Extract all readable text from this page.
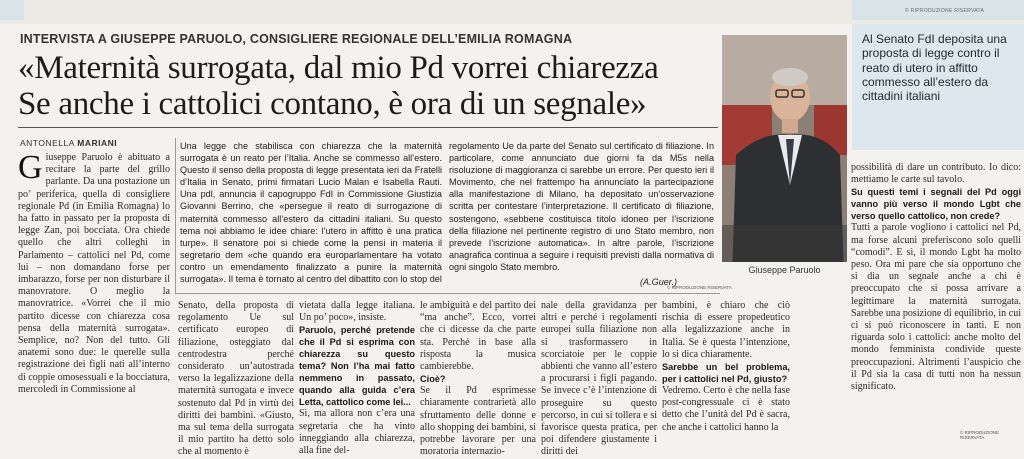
© RIPRODUZIONE RISERVATA
INTERVISTA A GIUSEPPE PARUOLO, CONSIGLIERE REGIONALE DELL’EMILIA ROMAGNA
«Maternità surrogata, dal mio Pd vorrei chiarezza
Se anche i cattolici contano, è ora di un segnale»
ANTONELLA MARIANI
Giuseppe Paruolo
Al Senato FdI deposita una proposta di legge contro il reato di utero in affitto commesso all’estero da cittadini italiani

Una legge che stabilisca con chiarezza che la maternità surrogata è un reato per l’Italia. Anche se commesso all’estero. Questo il senso della proposta di legge presentata ieri da Fratelli d’Italia in Senato, primi firmatari Lucio Malan e Isabella Rauti. Una pdl, annuncia il capogruppo FdI in Commissione Giustizia Giovanni Berrino, che «persegue il reato di surrogazione di maternità commesso all’estero da cittadini italiani. Su questo tema noi abbiamo le idee chiare: l’utero in affitto è una pratica turpe». Il senatore poi si chiede come la pensi in materia il segretario dem «che quando era europarlamentare ha votato contro un emendamento finalizzato a punire la maternità surrogata». Il tema è tornato al centro del dibattito con lo stop del

regolamento Ue da parte del Senato sul certificato di filiazione. In particolare, come annunciato due giorni fa da M5s nella risoluzione di maggioranza ci sarebbe un errore. Per questo ieri il Movimento, che nel frattempo ha annunciato la partecipazione alla manifestazione di Milano, ha depositato un’osservazione scritta per contestare l’interpretazione. Il certificato di filiazione, sostengono, «sebbene costituisca titolo idoneo per l’iscrizione della filiazione nel pertinente registro di uno Stato membro, non prevede l’iscrizione automatica». In altre parole, l’iscrizione anagrafica continua a seguire i requisiti previsti dalla normativa di ogni singolo Stato membro.

(A.Guer.)
© RIPRODUZIONE RISERVATA
Giuseppe Paruolo è abituato a recitare la parte del grillo parlante. Da una postazione un po’ periferica, quella di consigliere regionale Pd (in Emilia Romagna) lo ha fatto in passato per la proposta di legge Zan, poi bocciata. Ora chiede quello che altri colleghi in Parlamento – cattolici nel Pd, come lui – non domandano forse per imbarazzo, forse per non disturbare il manovratore. O meglio la manovratrice. «Vorrei che il mio partito dicesse con chiarezza cosa pensa della maternità surrogata». Semplice, no? Non del tutto. Gli anatemi sono due: le querelle sulla registrazione dei figli nati all’interno di coppie omosessuali e la bocciatura, mercoledì in Commissione al

Senato, della proposta di regolamento Ue sul certificato europeo di filiazione, osteggiato dal centrodestra perché considerato un’autostrada verso la legalizzazione della maternità surrogata e invece sostenuto dal Pd in virtù dei diritti dei bambini. «Giusto, ma sul tema della surrogata il mio partito ha detto solo che al momento è

vietata dalla legge italiana. Un po’ poco», insiste.

Paruolo, perché pretende che il Pd si esprima con chiarezza su questo tema? Non l’ha mai fatto nemmeno in passato, quando alla guida c’era Letta, cattolico come lei...

Sì, ma allora non c’era una segretaria che ha vinto inneggiando alla chiarezza, alla fine del-

le ambiguità e del partito dei “ma anche”. Ecco, vorrei che ci dicesse da che parte sta. Perché in base alla risposta la musica cambierebbe.

Cioè?

Se il Pd esprimesse chiaramente contrarietà allo sfruttamento delle donne e allo shopping dei bambini, si potrebbe lavorare per una moratoria internazio-

nale della gravidanza per altri e perché i regolamenti europei sulla filiazione non si trasformassero in scorciatoie per le coppie abbienti che vanno all’estero a procurarsi i figli pagando. Se invece c’è l’intenzione di proseguire su questo percorso, in cui si tollera e si favorisce questa pratica, per poi difendere giustamente i diritti dei

bambini, è chiaro che ciò rischia di essere propedeutico alla legalizzazione anche in Italia. Se è questa l’intenzione, lo si dica chiaramente.

Sarebbe un bel problema, per i cattolici nel Pd, giusto?

Vedremo. Certo è che nella fase post-congressuale ci è stato detto che l’unità del Pd è sacra, che anche i cattolici hanno la

possibilità di dare un contributo. Io dico: mettiamo le carte sul tavolo.

Su questi temi i segnali del Pd oggi vanno più verso il mondo Lgbt che verso quello cattolico, non crede?

Tutti a parole vogliono i cattolici nel Pd, ma forse alcuni preferiscono solo quelli “comodi”. E sì, il mondo Lgbt ha molto peso. Ora mi pare che sia opportuno che si dia un segnale anche a chi è preoccupato che si possa arrivare a legittimare la maternità surrogata. Sarebbe una posizione di equilibrio, in cui ci si può riconoscere in tanti. E non riguarda solo i cattolici: anche molto del mondo femminista condivide queste preoccupazioni. Altrimenti l’auspicio che il Pd sia la casa di tutti non ha nessun significato.

© RIPRODUZIONE RISERVATA
